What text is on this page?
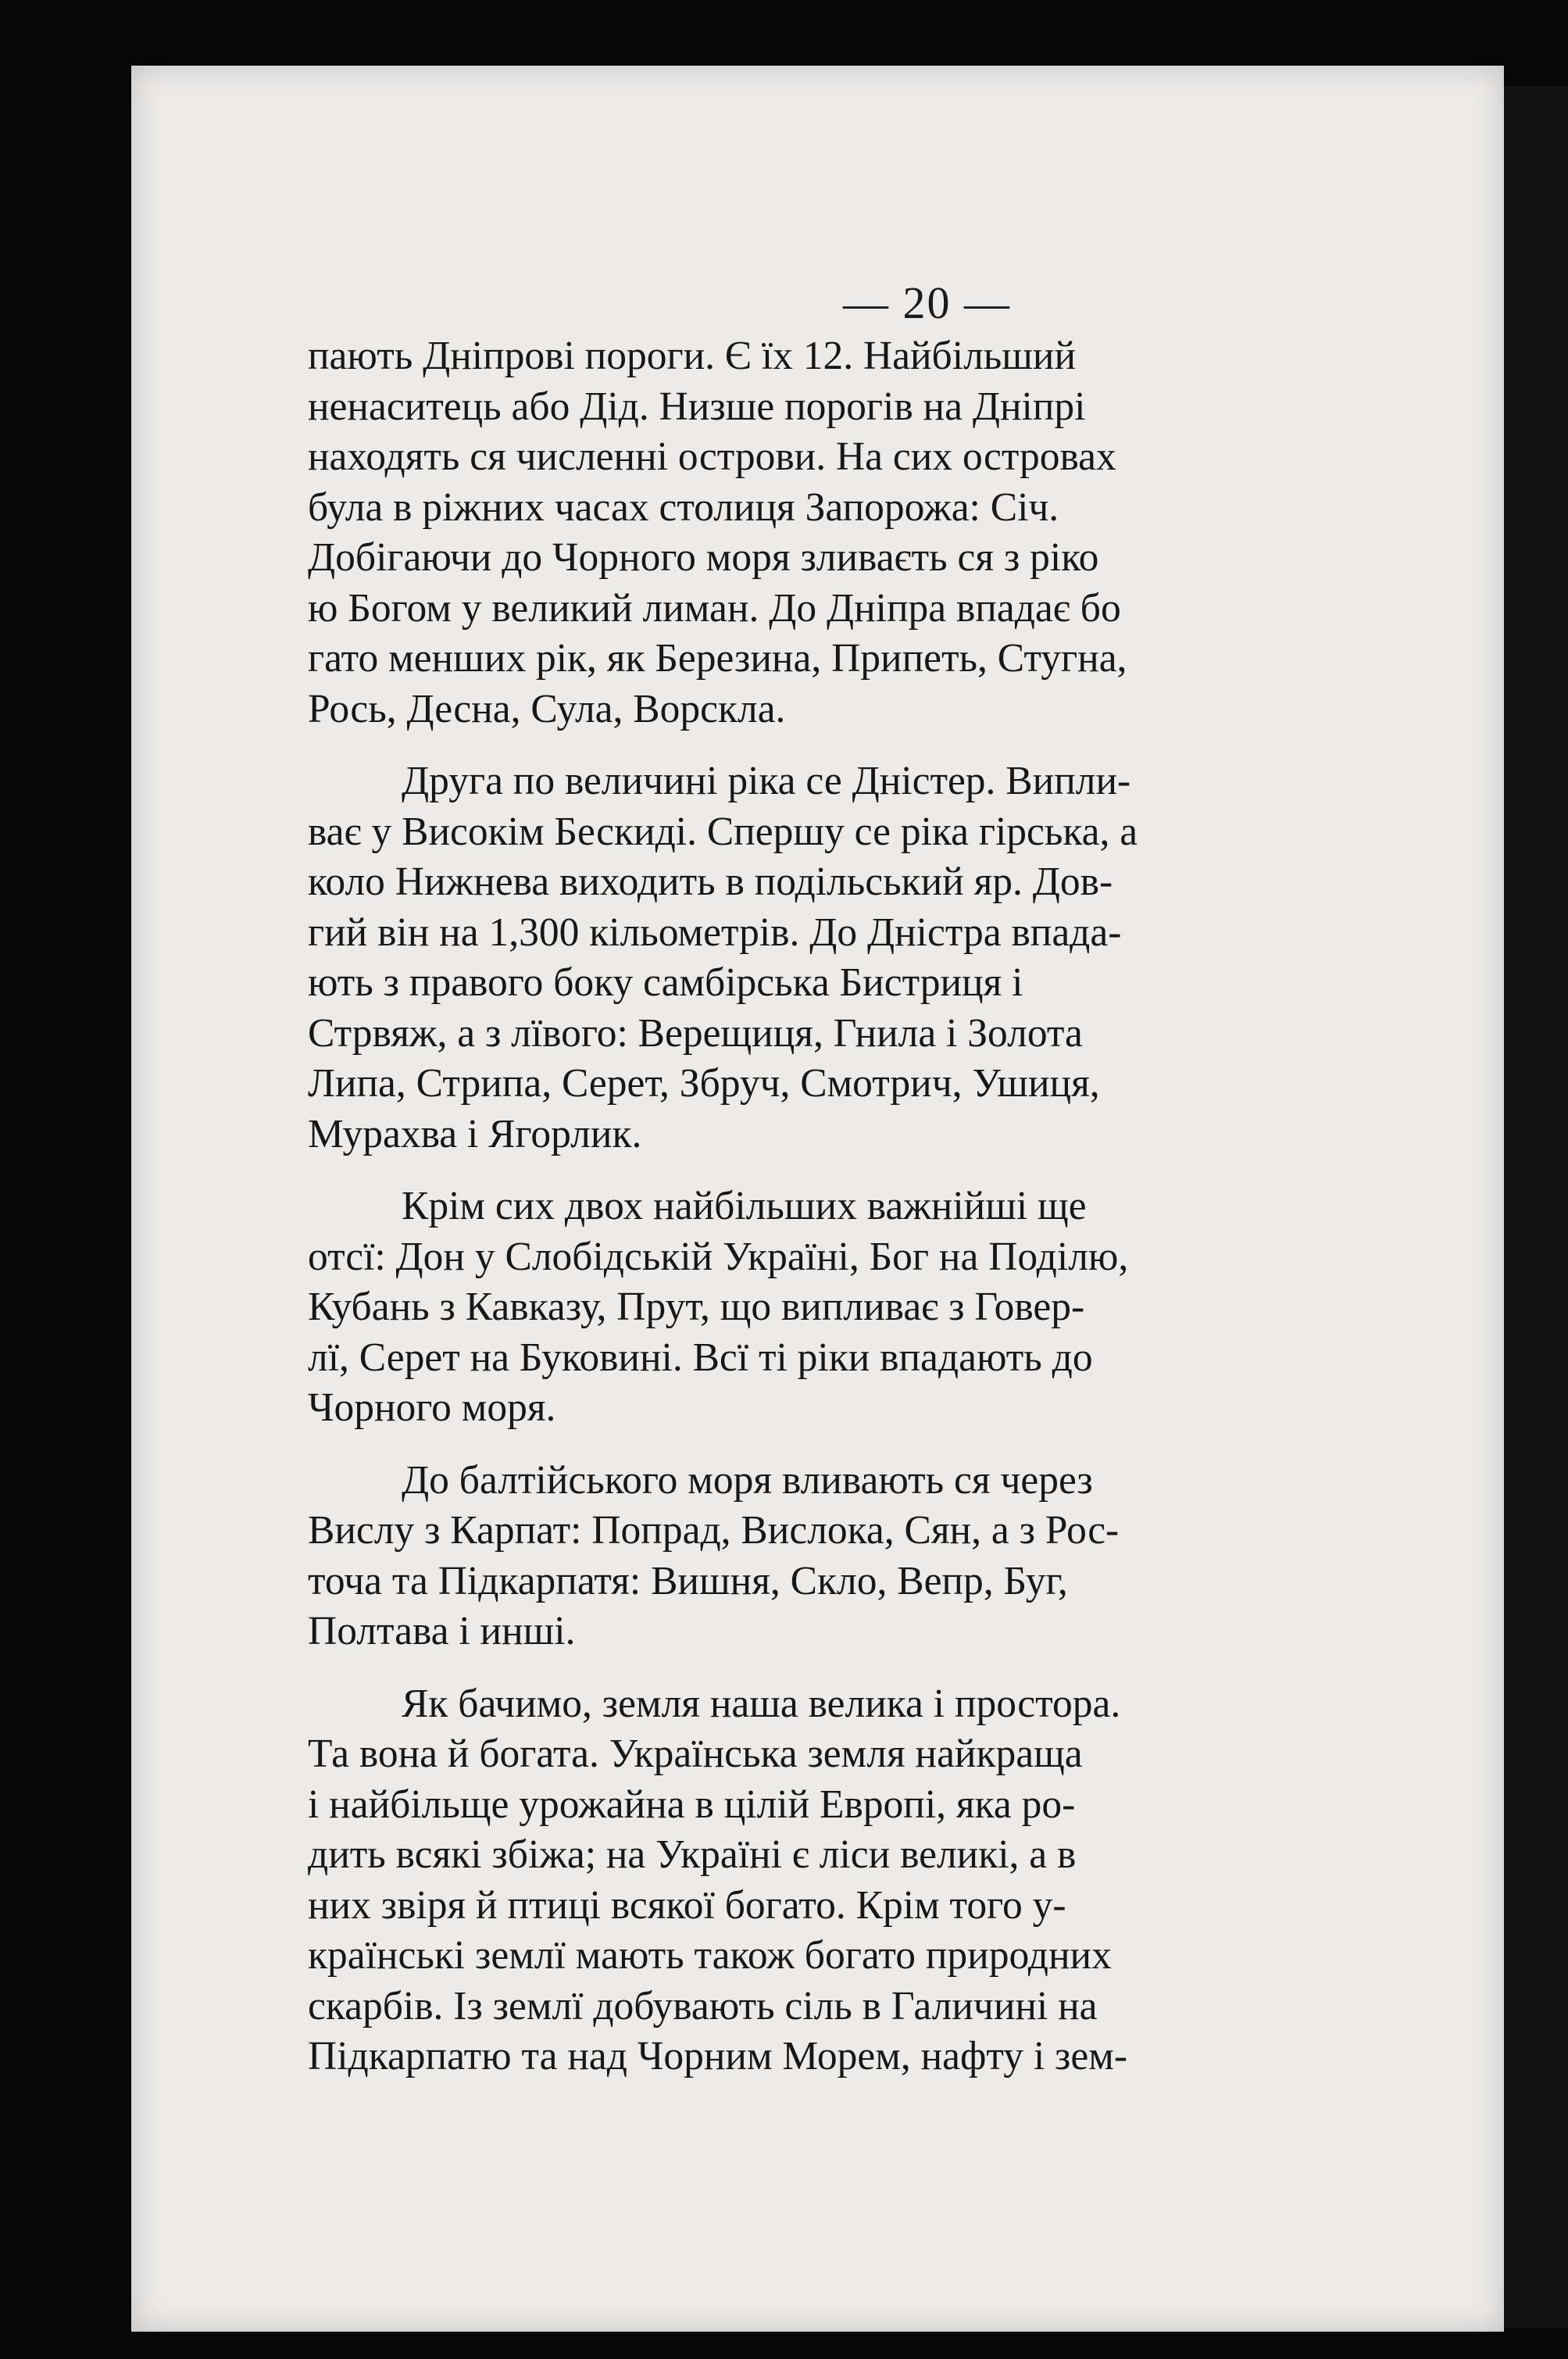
— 20 —

пають Дніпрові пороги. Є їх 12. Найбільший
ненаситець або Дід. Низше порогів на Дніпрі
находять ся численні острови. На сих островах
була в ріжних часах столиця Запорожа: Січ.
Добігаючи до Чорного моря зливаєть ся з ріко
ю Богом у великий лиман. До Дніпра впадає бо
гато менших рік, як Березина, Припеть, Стугна,
Рось, Десна, Сула, Ворскла.

Друга по величині ріка се Дністер. Випли-
ває у Високім Бескиді. Спершу се ріка гірська, а
коло Нижнева виходить в подільський яр. Дов-
гий він на 1,300 кільометрів. До Дністра впада-
ють з правого боку самбірська Бистриця і
Стрвяж, а з лївого: Верещиця, Гнила і Золота
Липа, Стрипа, Серет, Збруч, Смотрич, Ушиця,
Мурахва і Ягорлик.

Крім сих двох найбільших важнійші ще
отсї: Дон у Слобідській Україні, Бог на Поділю,
Кубань з Кавказу, Прут, що випливає з Говер-
лї, Серет на Буковині. Всї ті ріки впадають до
Чорного моря.

До балтійського моря вливають ся через
Вислу з Карпат: Попрад, Вислока, Сян, а з Рос-
точа та Підкарпатя: Вишня, Скло, Вепр, Буг,
Полтава і инші.

Як бачимо, земля наша велика і простора.
Та вона й богата. Українська земля найкраща
і найбільще урожайна в цілій Европі, яка ро-
дить всякі збіжа; на Україні є ліси великі, а в
них звіря й птиці всякої богато. Крім того у-
країнські землї мають також богато природних
скарбів. Із землї добувають сіль в Галичині на
Підкарпатю та над Чорним Морем, нафту і зем-
